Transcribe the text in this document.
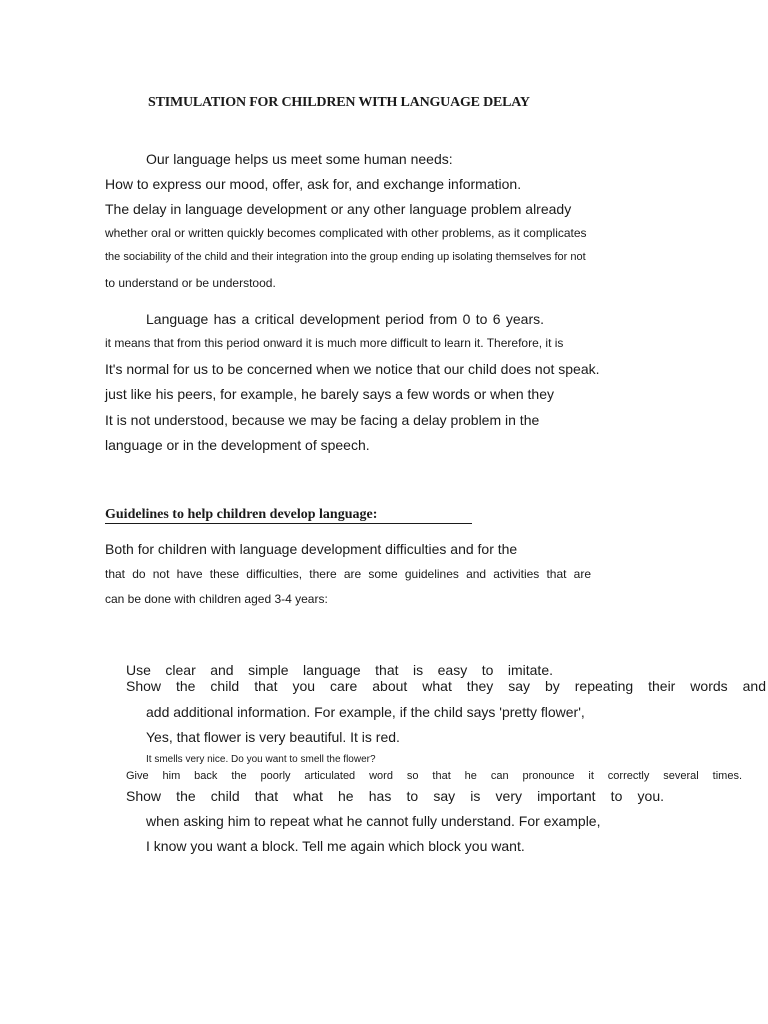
STIMULATION FOR CHILDREN WITH LANGUAGE DELAY
Our language helps us meet some human needs:
How to express our mood, offer, ask for, and exchange information.
The delay in language development or any other language problem already
whether oral or written quickly becomes complicated with other problems, as it complicates
the sociability of the child and their integration into the group ending up isolating themselves for not
to understand or be understood.
Language has a critical development period from 0 to 6 years.
it means that from this period onward it is much more difficult to learn it. Therefore, it is
It's normal for us to be concerned when we notice that our child does not speak.
just like his peers, for example, he barely says a few words or when they
It is not understood, because we may be facing a delay problem in the
language or in the development of speech.
Guidelines to help children develop language:
Both for children with language development difficulties and for the
that do not have these difficulties, there are some guidelines and activities that are
can be done with children aged 3-4 years:
Use clear and simple language that is easy to imitate.
Show the child that you care about what they say by repeating their words and
add additional information. For example, if the child says 'pretty flower',
Yes, that flower is very beautiful. It is red.
It smells very nice. Do you want to smell the flower?
Give him back the poorly articulated word so that he can pronounce it correctly several times.
Show the child that what he has to say is very important to you.
when asking him to repeat what he cannot fully understand. For example,
I know you want a block. Tell me again which block you want.
